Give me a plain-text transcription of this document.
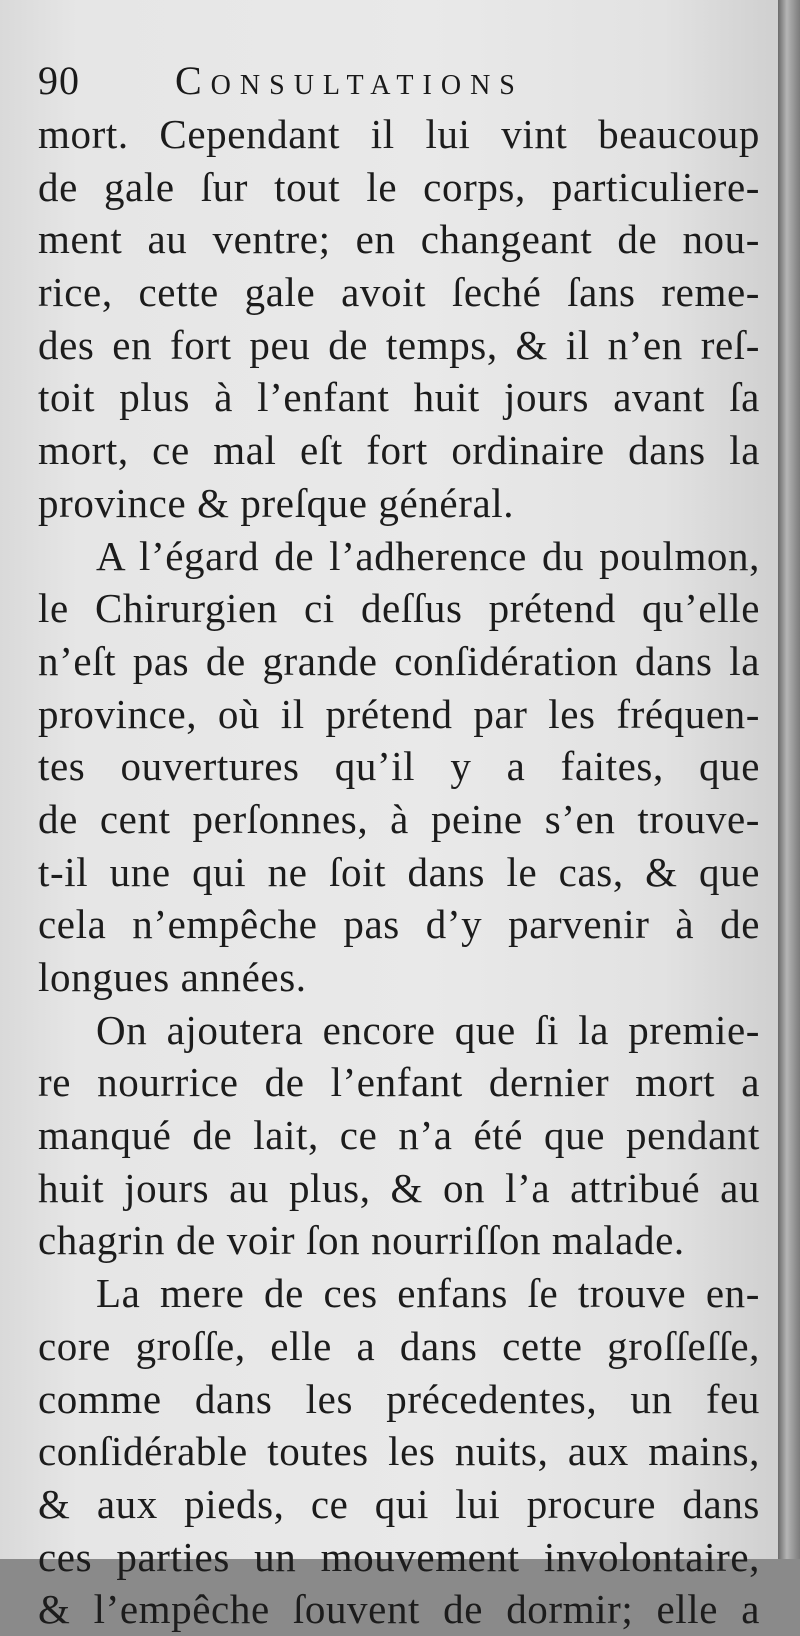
90 Consultations
mort. Cependant il lui vint beaucoup
de gale ſur tout le corps, particuliere-
ment au ventre; en changeant de nou-
rice, cette gale avoit ſeché ſans reme-
des en fort peu de temps, & il n’en reſ-
toit plus à l’enfant huit jours avant ſa
mort, ce mal eſt fort ordinaire dans la
province & preſque général.
A l’égard de l’adherence du poulmon,
le Chirurgien ci deſſus prétend qu’elle
n’eſt pas de grande conſidération dans la
province, où il prétend par les fréquen-
tes ouvertures qu’il y a faites, que
de cent perſonnes, à peine s’en trouve-
t-il une qui ne ſoit dans le cas, & que
cela n’empêche pas d’y parvenir à de
longues années.
On ajoutera encore que ſi la premie-
re nourrice de l’enfant dernier mort a
manqué de lait, ce n’a été que pendant
huit jours au plus, & on l’a attribué au
chagrin de voir ſon nourriſſon malade.
La mere de ces enfans ſe trouve en-
core groſſe, elle a dans cette groſſeſſe,
comme dans les précedentes, un feu
conſidérable toutes les nuits, aux mains,
& aux pieds, ce qui lui procure dans
ces parties un mouvement involontaire,
& l’empêche ſouvent de dormir; elle a
